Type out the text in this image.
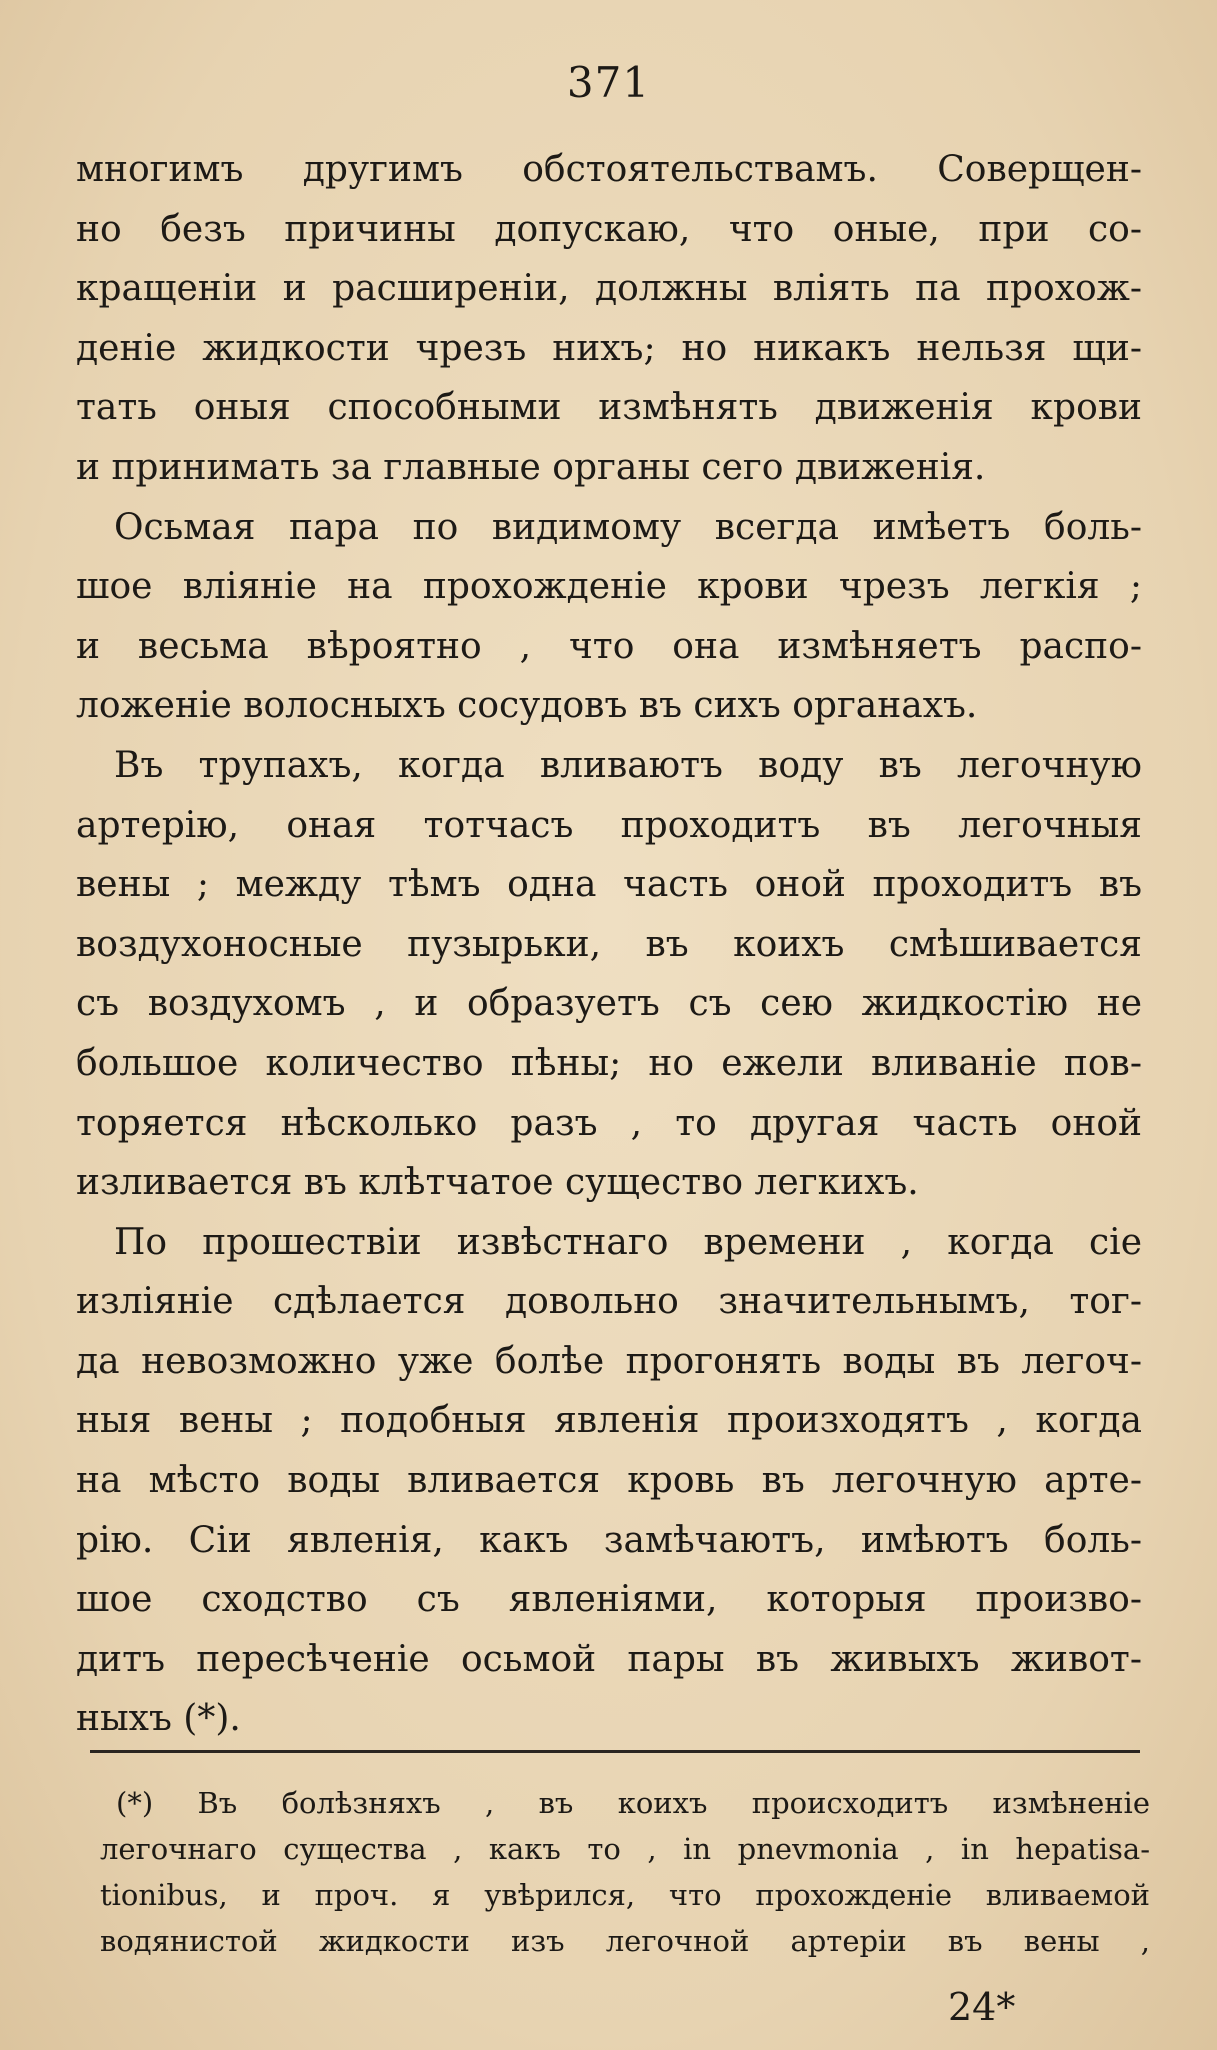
371
многимъ другимъ обстоятельствамъ. Соверщен-
но безъ причины допускаю, что оные, при со-
кращеніи и расширеніи, должны вліять па прохож-
деніе жидкости чрезъ нихъ; но никакъ нельзя щи-
тать оныя способными измѣнять движенія крови
и принимать за главные органы сего движенія.
Осьмая пара по видимому всегда имѣетъ боль-
шое вліяніе на прохожденіе крови чрезъ легкія ;
и весьма вѣроятно , что она измѣняетъ распо-
ложеніе волосныхъ сосудовъ въ сихъ органахъ.
Въ трупахъ, когда вливаютъ воду въ легочную
артерію, оная тотчасъ проходитъ въ легочныя
вены ; между тѣмъ одна часть оной проходитъ въ
воздухоносные пузырьки, въ коихъ смѣшивается
съ воздухомъ , и образуетъ съ сею жидкостію не
большое количество пѣны; но ежели вливаніе пов-
торяется нѣсколько разъ , то другая часть оной
изливается въ клѣтчатое существо легкихъ.
По прошествіи извѣстнаго времени , когда сіе
изліяніе сдѣлается довольно значительнымъ, тог-
да невозможно уже болѣе прогонять воды въ легоч-
ныя вены ; подобныя явленія произходятъ , когда
на мѣсто воды вливается кровь въ легочную арте-
рію. Сіи явленія, какъ замѣчаютъ, имѣютъ боль-
шое сходство съ явленіями, которыя произво-
дитъ пересѣченіе осьмой пары въ живыхъ живот-
ныхъ (*).
(*) Въ болѣзняхъ , въ коихъ происходитъ измѣненіе
легочнаго существа , какъ то , in pnevmonia , in hepatisa-
tionibus, и проч. я увѣрился, что прохожденіе вливаемой
водянистой жидкости изъ легочной артеріи въ вены ,
24*
